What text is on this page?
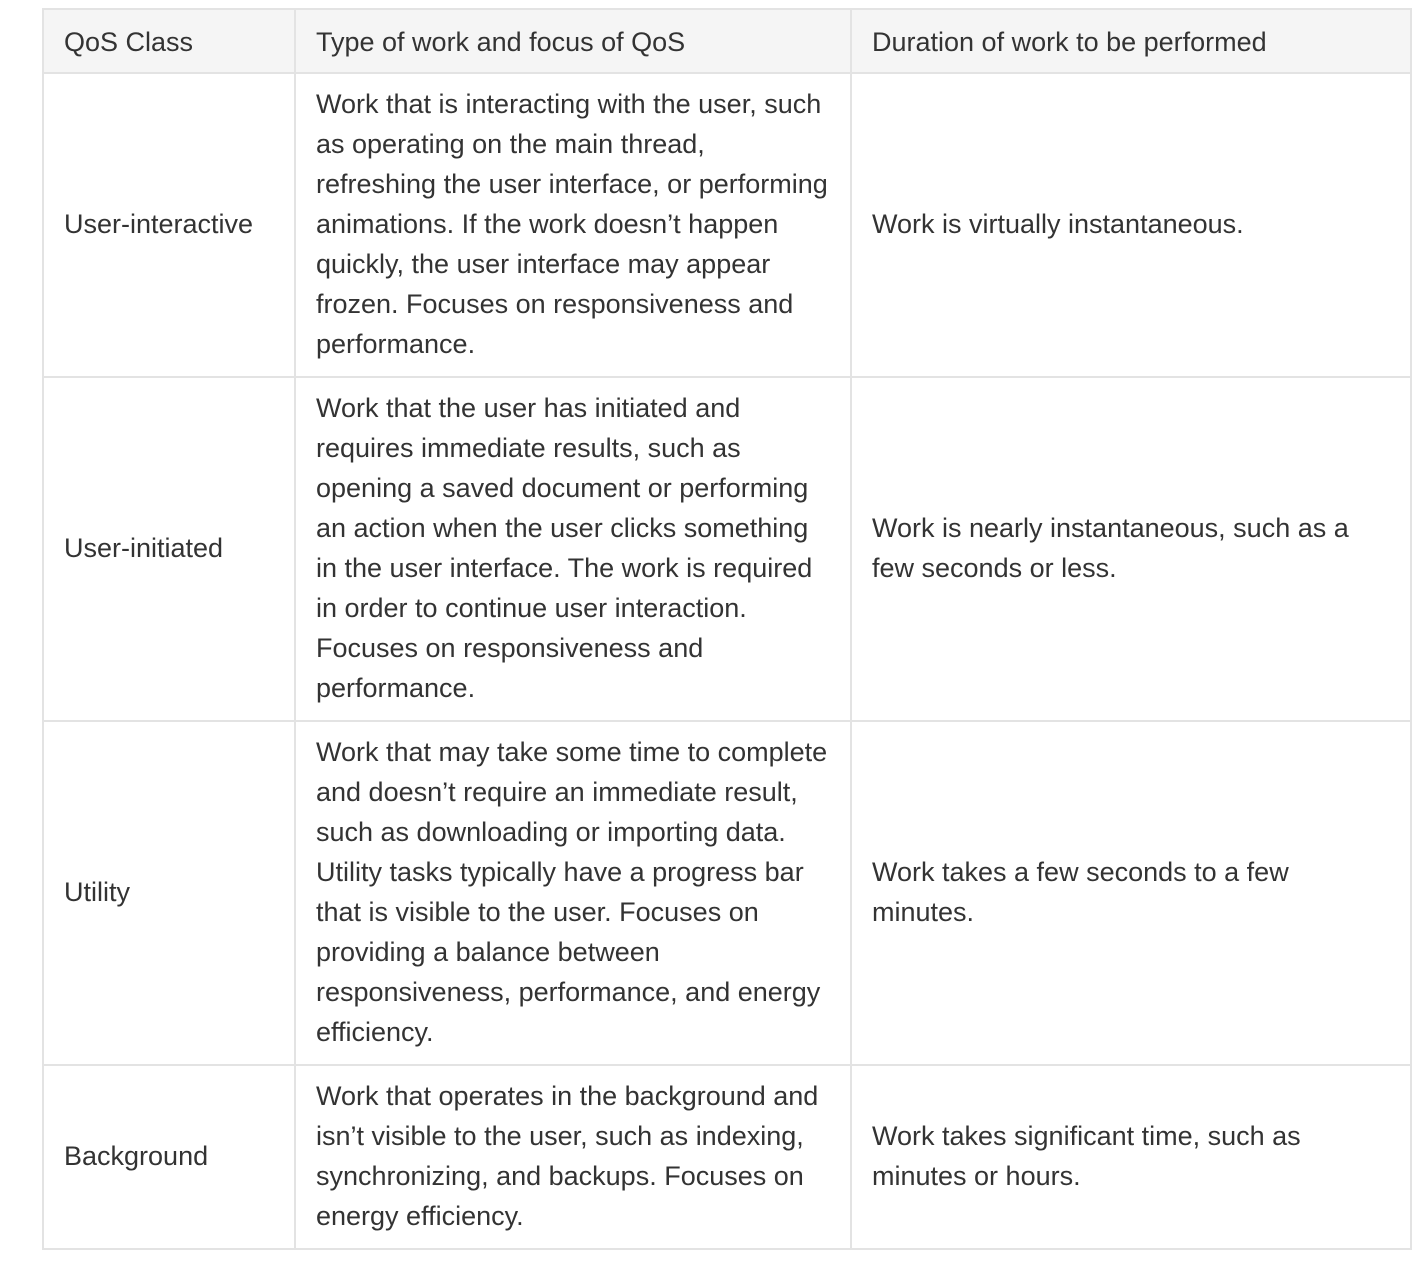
QoS Class	Type of work and focus of QoS	Duration of work to be performed
User-interactive	Work that is interacting with the user, such as operating on the main thread, refreshing the user interface, or performing animations. If the work doesn’t happen quickly, the user interface may appear frozen. Focuses on responsiveness and performance.	Work is virtually instantaneous.
User-initiated	Work that the user has initiated and requires immediate results, such as opening a saved document or performing an action when the user clicks something in the user interface. The work is required in order to continue user interaction. Focuses on responsiveness and performance.	Work is nearly instantaneous, such as a few seconds or less.
Utility	Work that may take some time to complete and doesn’t require an immediate result, such as downloading or importing data. Utility tasks typically have a progress bar that is visible to the user. Focuses on providing a balance between responsiveness, performance, and energy efficiency.	Work takes a few seconds to a few minutes.
Background	Work that operates in the background and isn’t visible to the user, such as indexing, synchronizing, and backups. Focuses on energy efficiency.	Work takes significant time, such as minutes or hours.
